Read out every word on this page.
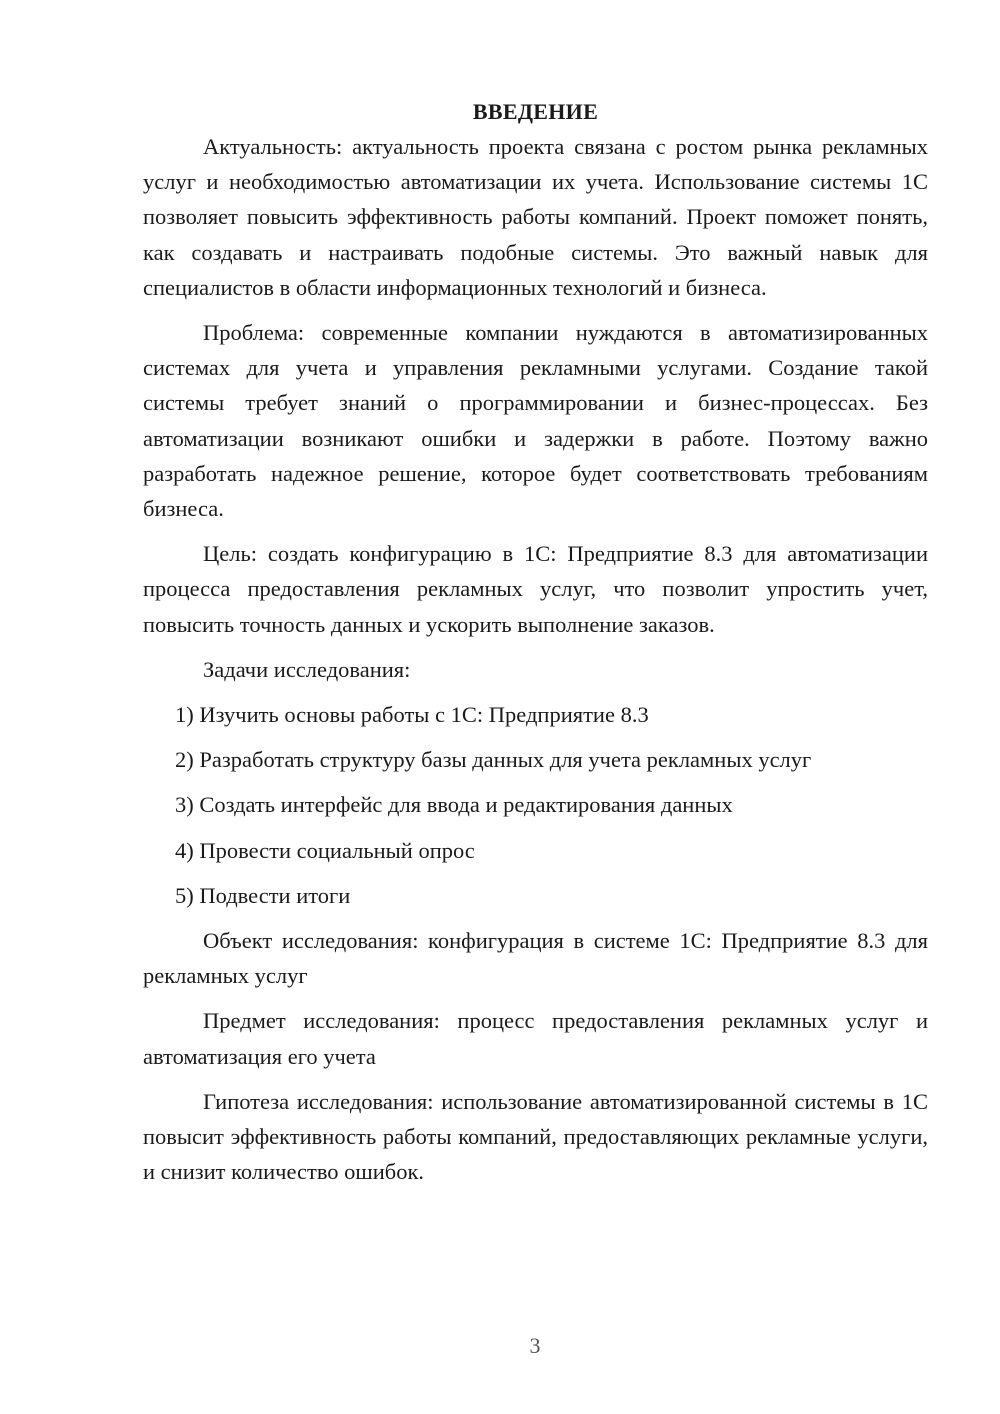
ВВЕДЕНИЕ

Актуальность: актуальность проекта связана с ростом рынка рекламных услуг и необходимостью автоматизации их учета. Использование системы 1С позволяет повысить эффективность работы компаний. Проект поможет понять, как создавать и настраивать подобные системы. Это важный навык для специалистов в области информационных технологий и бизнеса.

Проблема: современные компании нуждаются в автоматизированных системах для учета и управления рекламными услугами. Создание такой системы требует знаний о программировании и бизнес-процессах. Без автоматизации возникают ошибки и задержки в работе. Поэтому важно разработать надежное решение, которое будет соответствовать требованиям бизнеса.

Цель: создать конфигурацию в 1С: Предприятие 8.3 для автоматизации процесса предоставления рекламных услуг, что позволит упростить учет, повысить точность данных и ускорить выполнение заказов.

Задачи исследования:

1) Изучить основы работы с 1С: Предприятие 8.3

2) Разработать структуру базы данных для учета рекламных услуг

3) Создать интерфейс для ввода и редактирования данных

4) Провести социальный опрос

5) Подвести итоги

Объект исследования: конфигурация в системе 1С: Предприятие 8.3 для рекламных услуг

Предмет исследования: процесс предоставления рекламных услуг и автоматизация его учета

Гипотеза исследования: использование автоматизированной системы в 1С повысит эффективность работы компаний, предоставляющих рекламные услуги, и снизит количество ошибок.

3
